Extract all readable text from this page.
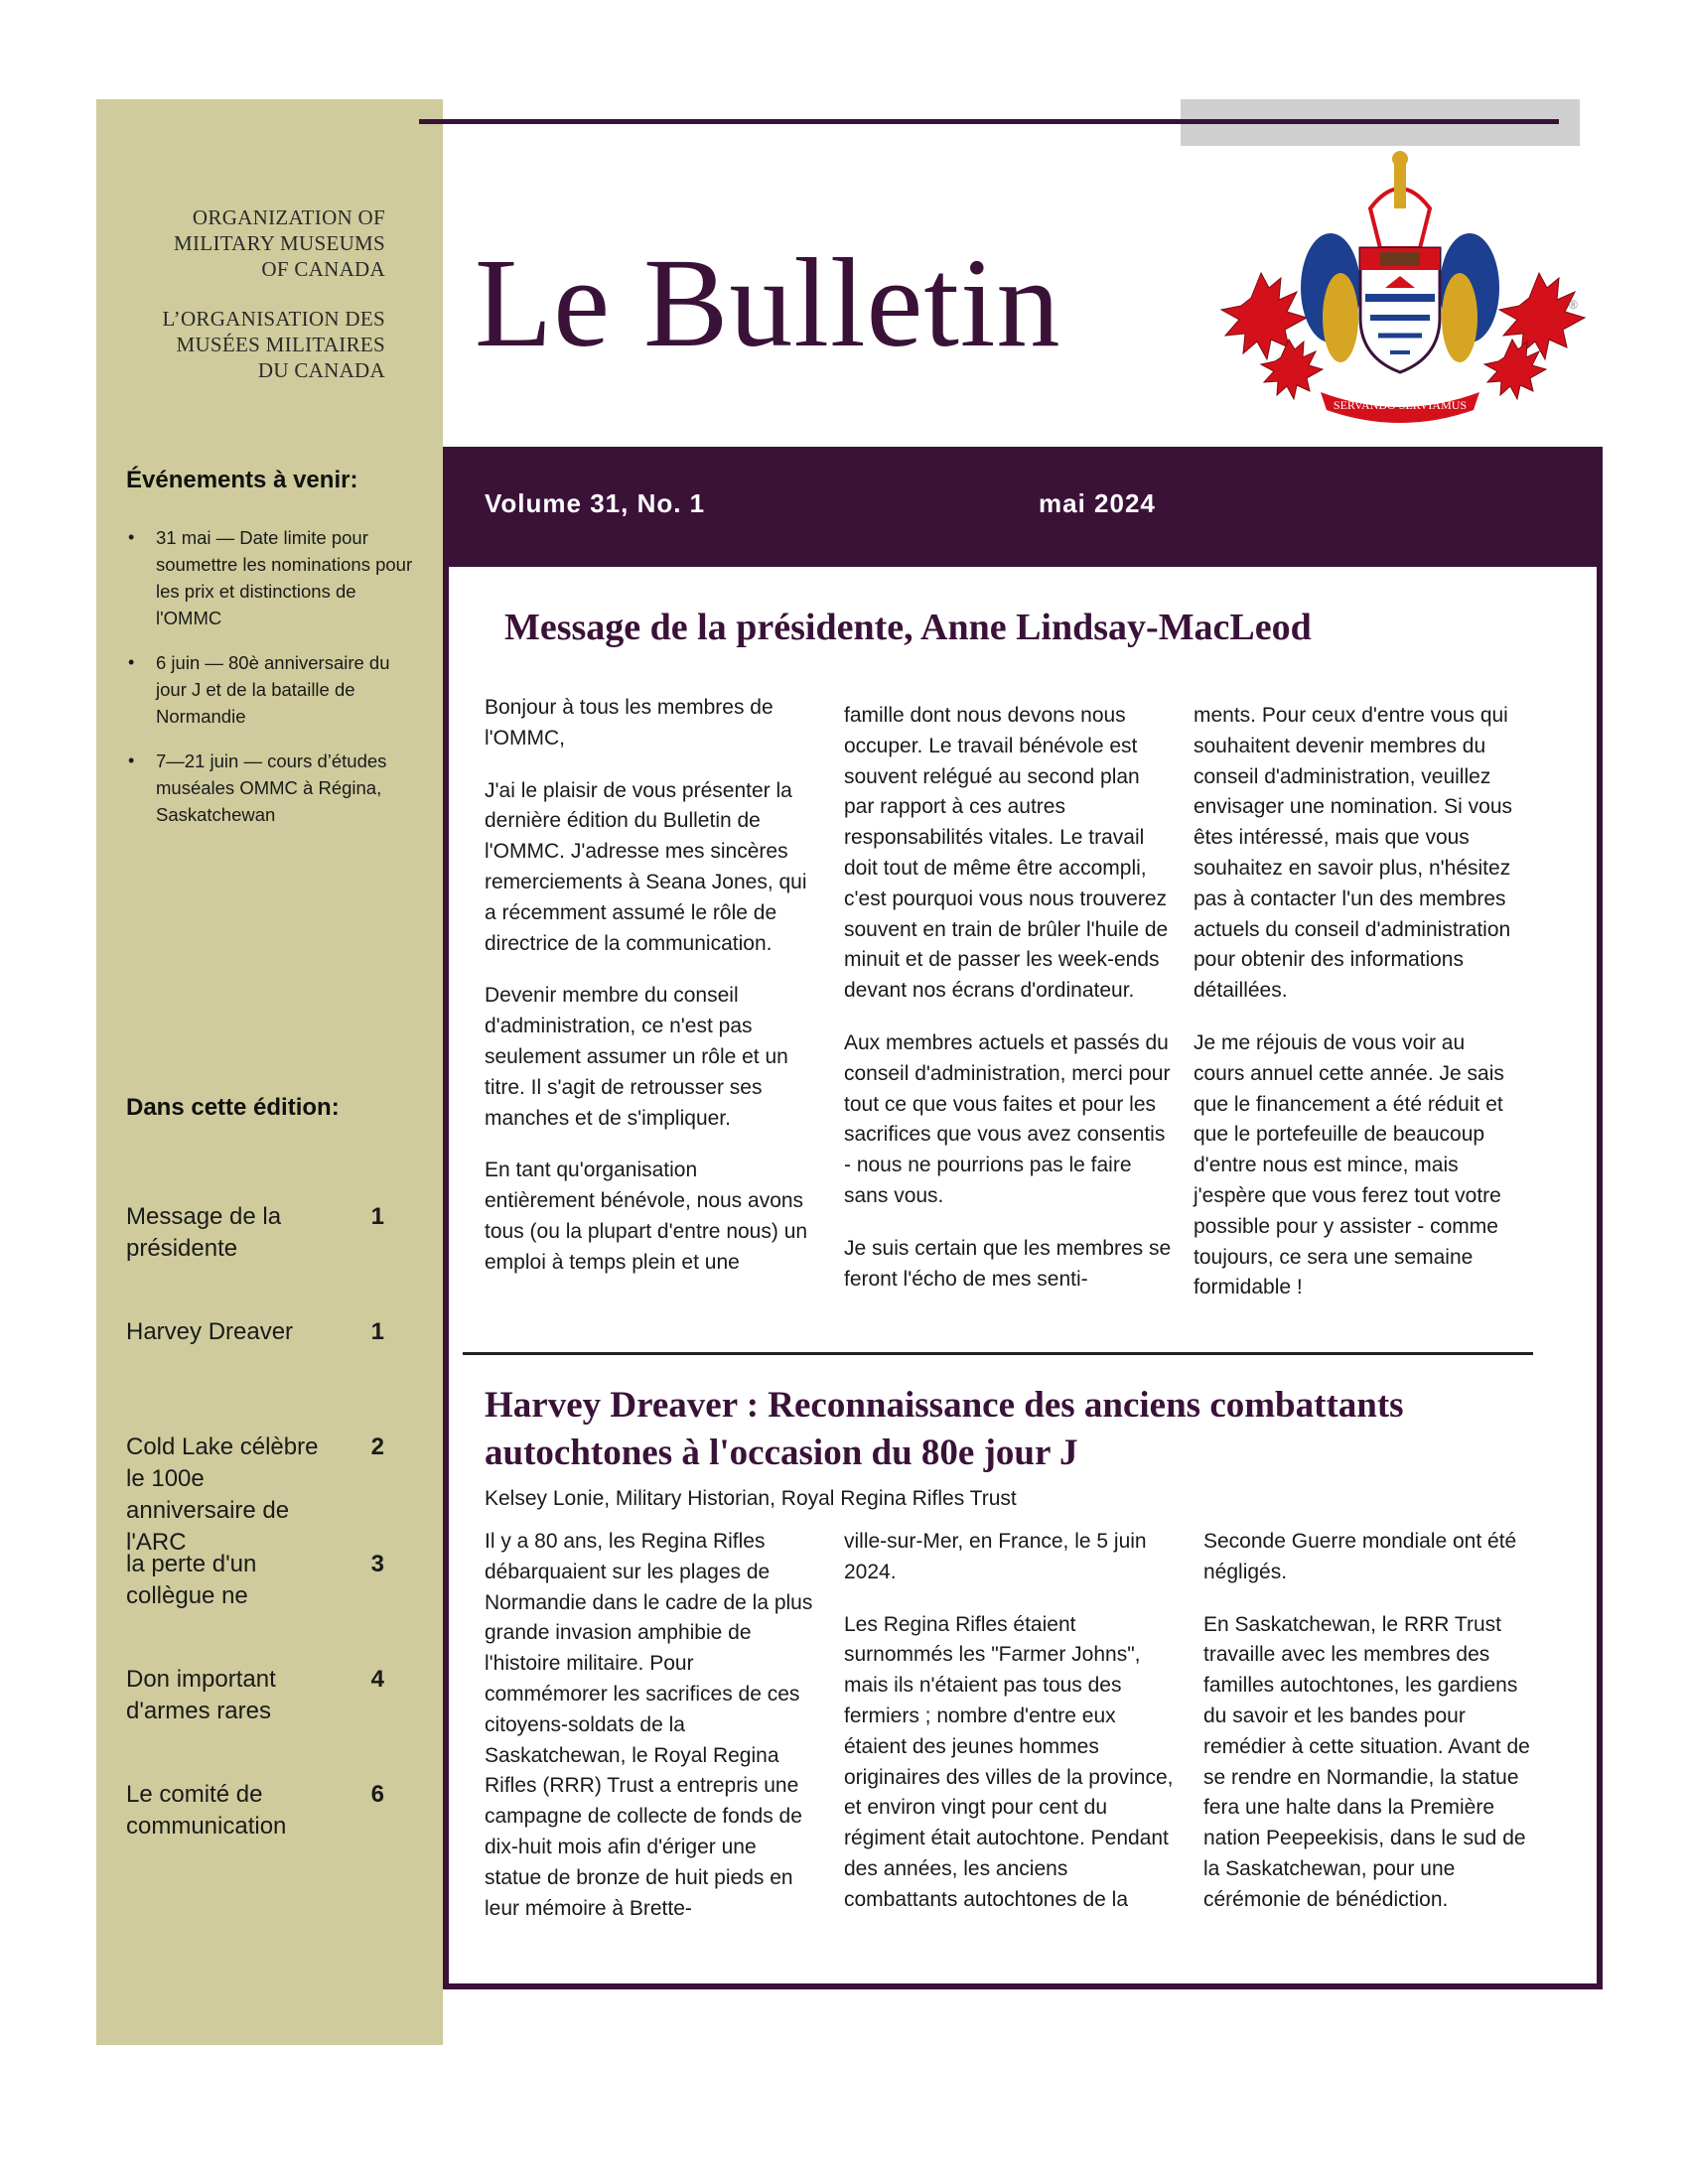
ORGANIZATION OF
MILITARY MUSEUMS
OF CANADA
L’ORGANISATION DES
MUSÉES MILITAIRES
DU CANADA
Événements à venir:
• 31 mai — Date limite pour soumettre les nominations pour les prix et distinctions de l'OMMC
• 6 juin — 80è anniversaire du jour J et de la bataille de Normandie
• 7—21 juin — cours d’études muséales OMMC à Régina, Saskatchewan
Dans cette édition:
Message de la présidente
1
Harvey Dreaver	1
Cold Lake célèbre le 100e anniversaire de l'ARC
2
la perte d'un collègue ne
3
Don important d'armes rares
4
Le comité de communication
6
Le Bulletin
SERVANDO SERVIAMUS
®
Volume 31, No. 1	mai 2024
Message de la présidente, Anne Lindsay-MacLeod

Bonjour à tous les membres de l'OMMC,

J'ai le plaisir de vous présenter la dernière édition du Bulletin de l'OMMC. J'adresse mes sincères remerciements à Seana Jones, qui a récemment assumé le rôle de directrice de la communication.

Devenir membre du conseil d'administration, ce n'est pas seulement assumer un rôle et un titre. Il s'agit de retrousser ses manches et de s'impliquer.

En tant qu'organisation entièrement bénévole, nous avons tous (ou la plupart d'entre nous) un emploi à temps plein et une

famille dont nous devons nous occuper. Le travail bénévole est souvent relégué au second plan par rapport à ces autres responsabilités vitales. Le travail doit tout de même être accompli, c'est pourquoi vous nous trouverez souvent en train de brûler l'huile de minuit et de passer les week-ends devant nos écrans d'ordinateur.

Aux membres actuels et passés du conseil d'administration, merci pour tout ce que vous faites et pour les sacrifices que vous avez consentis - nous ne pourrions pas le faire sans vous.

Je suis certain que les membres se feront l'écho de mes senti-

ments. Pour ceux d'entre vous qui souhaitent devenir membres du conseil d'administration, veuillez envisager une nomination. Si vous êtes intéressé, mais que vous souhaitez en savoir plus, n'hésitez pas à contacter l'un des membres actuels du conseil d'administration pour obtenir des informations détaillées.

Je me réjouis de vous voir au cours annuel cette année. Je sais que le financement a été réduit et que le portefeuille de beaucoup d'entre nous est mince, mais j'espère que vous ferez tout votre possible pour y assister - comme toujours, ce sera une semaine formidable !

Harvey Dreaver : Reconnaissance des anciens combattants autochtones à l'occasion du 80e jour J
Kelsey Lonie, Military Historian, Royal Regina Rifles Trust

Il y a 80 ans, les Regina Rifles débarquaient sur les plages de Normandie dans le cadre de la plus grande invasion amphibie de l'histoire militaire. Pour commémorer les sacrifices de ces citoyens-soldats de la Saskatchewan, le Royal Regina Rifles (RRR) Trust a entrepris une campagne de collecte de fonds de dix-huit mois afin d'ériger une statue de bronze de huit pieds en leur mémoire à Brette-

ville-sur-Mer, en France, le 5 juin 2024.

Les Regina Rifles étaient surnommés les "Farmer Johns", mais ils n'étaient pas tous des fermiers ; nombre d'entre eux étaient des jeunes hommes originaires des villes de la province, et environ vingt pour cent du régiment était autochtone. Pendant des années, les anciens combattants autochtones de la

Seconde Guerre mondiale ont été négligés.

En Saskatchewan, le RRR Trust travaille avec les membres des familles autochtones, les gardiens du savoir et les bandes pour remédier à cette situation. Avant de se rendre en Normandie, la statue fera une halte dans la Première nation Peepeekisis, dans le sud de la Saskatchewan, pour une cérémonie de bénédiction.
